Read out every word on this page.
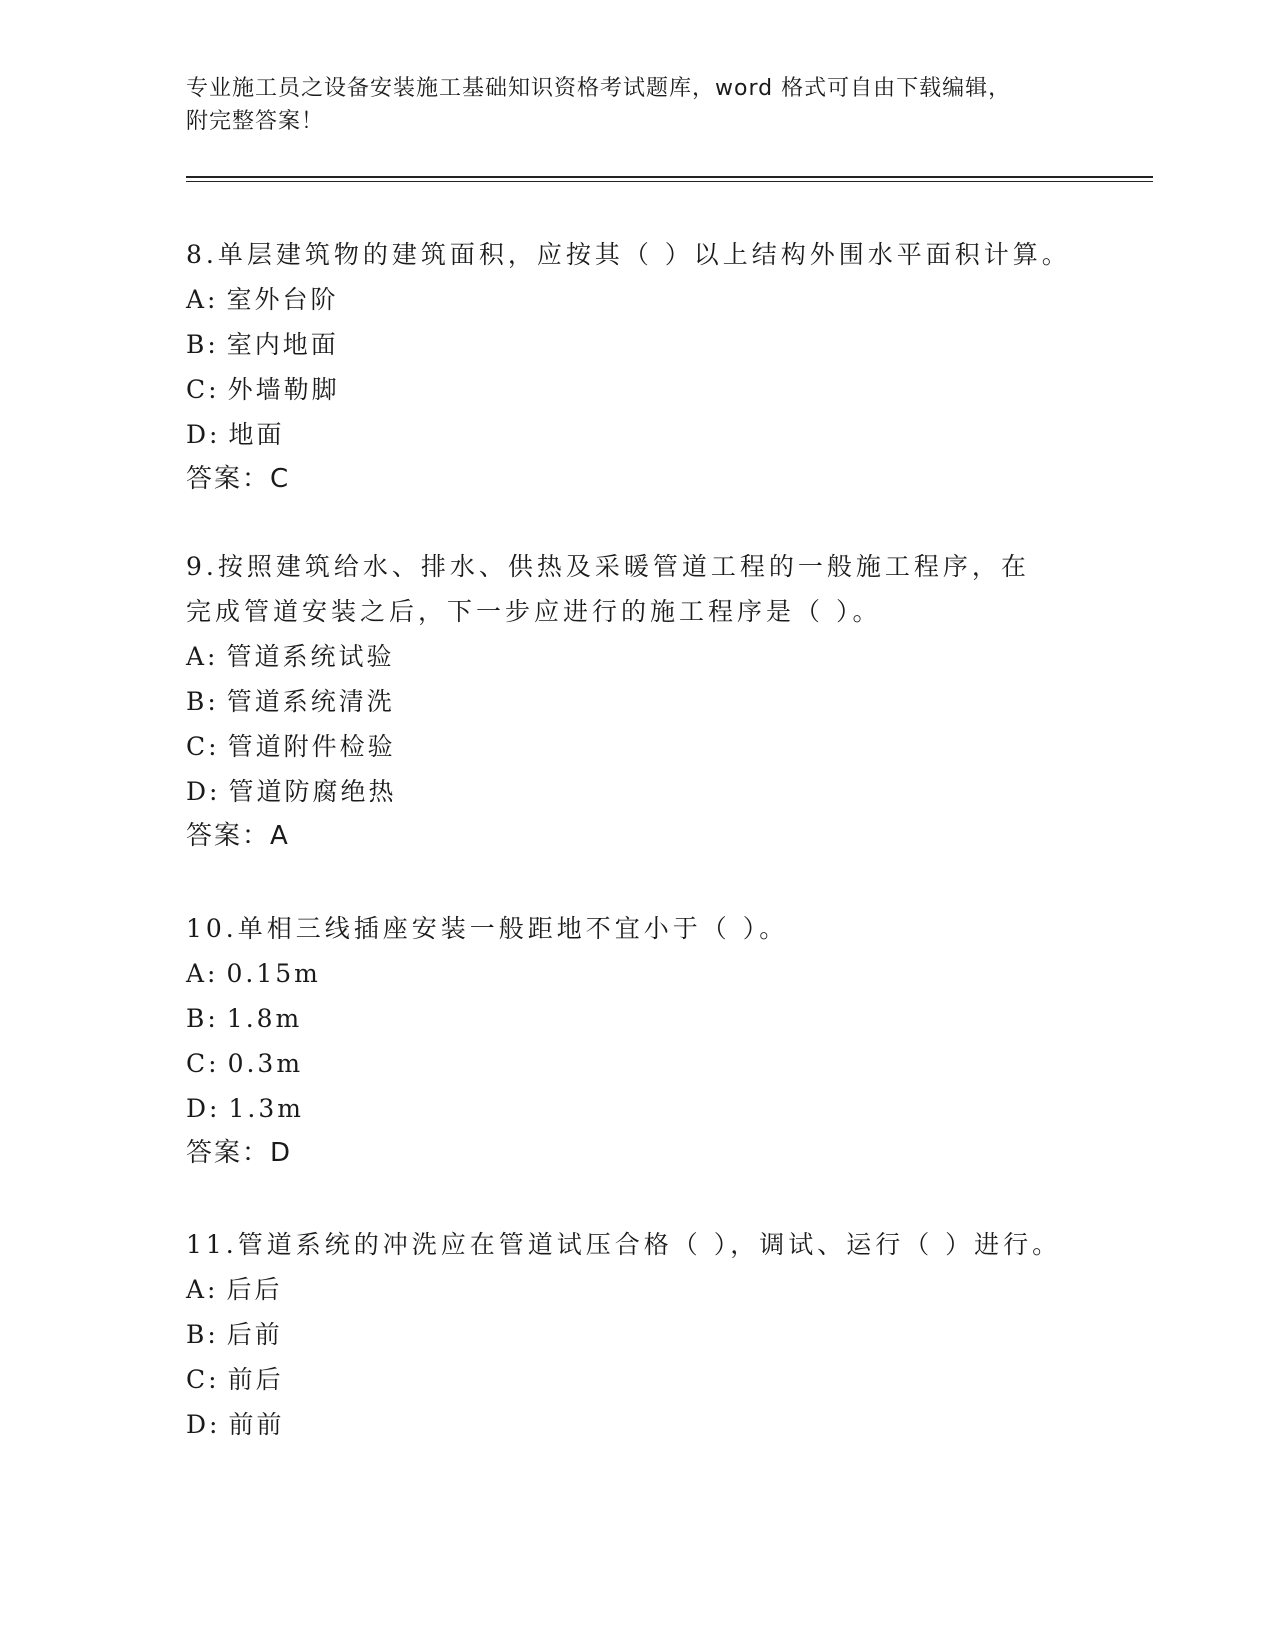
专业施工员之设备安装施工基础知识资格考试题库，word 格式可自由下载编辑，
附完整答案！

8.单层建筑物的建筑面积，应按其（ ）以上结构外围水平面积计算。

A: 室外台阶
B: 室内地面
C: 外墙勒脚
D: 地面
答案：C

9.按照建筑给水、排水、供热及采暖管道工程的一般施工程序，在完成管道安装之后，下一步应进行的施工程序是（ ）。

A: 管道系统试验
B: 管道系统清洗
C: 管道附件检验
D: 管道防腐绝热
答案：A

10.单相三线插座安装一般距地不宜小于（ ）。

A: 0.15m
B: 1.8m
C: 0.3m
D: 1.3m
答案：D

11.管道系统的冲洗应在管道试压合格（ ），调试、运行（ ）进行。

A: 后后
B: 后前
C: 前后
D: 前前
